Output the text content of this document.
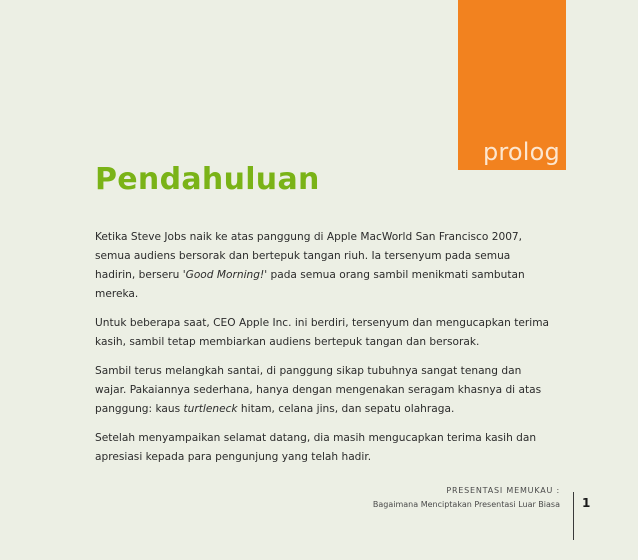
prolog
Pendahuluan

Ketika Steve Jobs naik ke atas panggung di Apple MacWorld San Francisco 2007, semua audiens bersorak dan bertepuk tangan riuh. Ia tersenyum pada semua hadirin, berseru 'Good Morning!' pada semua orang sambil menikmati sambutan mereka.

Untuk beberapa saat, CEO Apple Inc. ini berdiri, tersenyum dan mengucapkan terima kasih, sambil tetap membiarkan audiens bertepuk tangan dan bersorak.

Sambil terus melangkah santai, di panggung sikap tubuhnya sangat tenang dan wajar. Pakaiannya sederhana, hanya dengan mengenakan seragam khasnya di atas panggung: kaus turtleneck hitam, celana jins, dan sepatu olahraga.

Setelah menyampaikan selamat datang, dia masih mengucapkan terima kasih dan apresiasi kepada para pengunjung yang telah hadir.

PRESENTASI MEMUKAU :
Bagaimana Menciptakan Presentasi Luar Biasa 1
